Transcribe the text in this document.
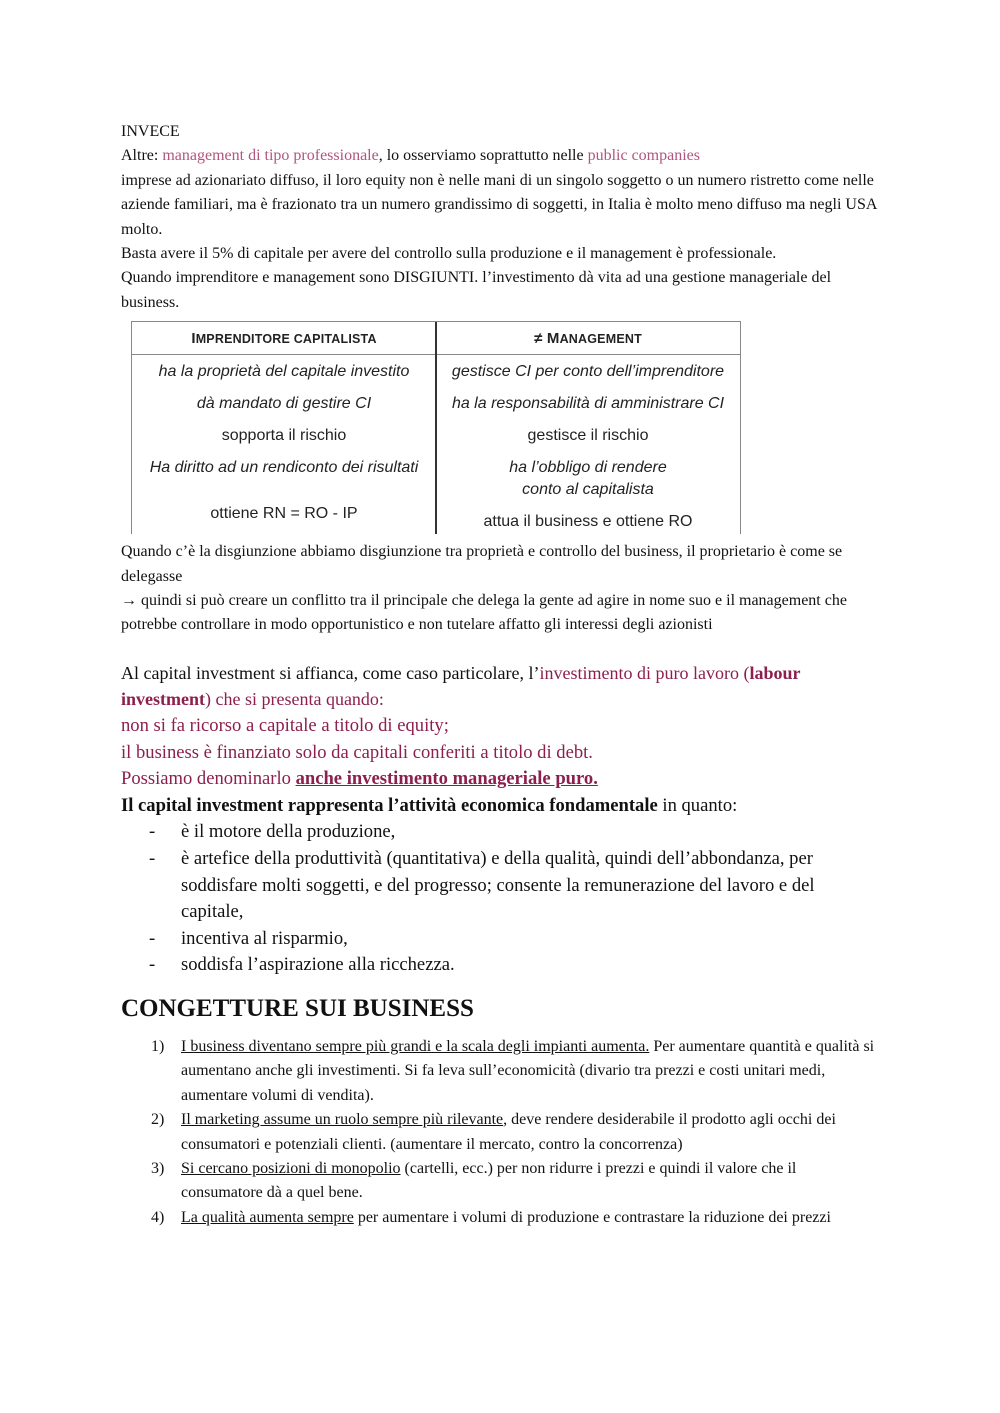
INVECE

Altre: management di tipo professionale, lo osserviamo soprattutto nelle public companies

imprese ad azionariato diffuso, il loro equity non è nelle mani di un singolo soggetto o un numero ristretto come nelle aziende familiari, ma è frazionato tra un numero grandissimo di soggetti, in Italia è molto meno diffuso ma negli USA molto.

Basta avere il 5% di capitale per avere del controllo sulla produzione e il management è professionale.

Quando imprenditore e management sono DISGIUNTI. l’investimento dà vita ad una gestione manageriale del business.

IMPRENDITORE CAPITALISTA	≠ MANAGEMENT
ha la proprietà del capitale investito
dà mandato di gestire CI
sopporta il rischio
Ha diritto ad un rendiconto dei risultati
ottiene RN = RO - IP
gestisce CI per conto dell’imprenditore
ha la responsabilità di amministrare CI
gestisce il rischio
ha l’obbligo di rendere conto al capitalista
attua il business e ottiene RO

Quando c’è la disgiunzione abbiamo disgiunzione tra proprietà e controllo del business, il proprietario è come se delegasse

→ quindi si può creare un conflitto tra il principale che delega la gente ad agire in nome suo e il management che potrebbe controllare in modo opportunistico e non tutelare affatto gli interessi degli azionisti

Al capital investment si affianca, come caso particolare, l’investimento di puro lavoro (labour investment) che si presenta quando:

non si fa ricorso a capitale a titolo di equity;

il business è finanziato solo da capitali conferiti a titolo di debt.

Possiamo denominarlo anche investimento manageriale puro.

Il capital investment rappresenta l’attività economica fondamentale in quanto:

- è il motore della produzione,
- è artefice della produttività (quantitativa) e della qualità, quindi dell’abbondanza, per soddisfare molti soggetti, e del progresso; consente la remunerazione del lavoro e del capitale,
- incentiva al risparmio,
- soddisfa l’aspirazione alla ricchezza.
CONGETTURE SUI BUSINESS
1) I business diventano sempre più grandi e la scala degli impianti aumenta. Per aumentare quantità e qualità si aumentano anche gli investimenti. Si fa leva sull’economicità (divario tra prezzi e costi unitari medi, aumentare volumi di vendita).
2) Il marketing assume un ruolo sempre più rilevante, deve rendere desiderabile il prodotto agli occhi dei consumatori e potenziali clienti. (aumentare il mercato, contro la concorrenza)
3) Si cercano posizioni di monopolio (cartelli, ecc.) per non ridurre i prezzi e quindi il valore che il consumatore dà a quel bene.
4) La qualità aumenta sempre per aumentare i volumi di produzione e contrastare la riduzione dei prezzi
